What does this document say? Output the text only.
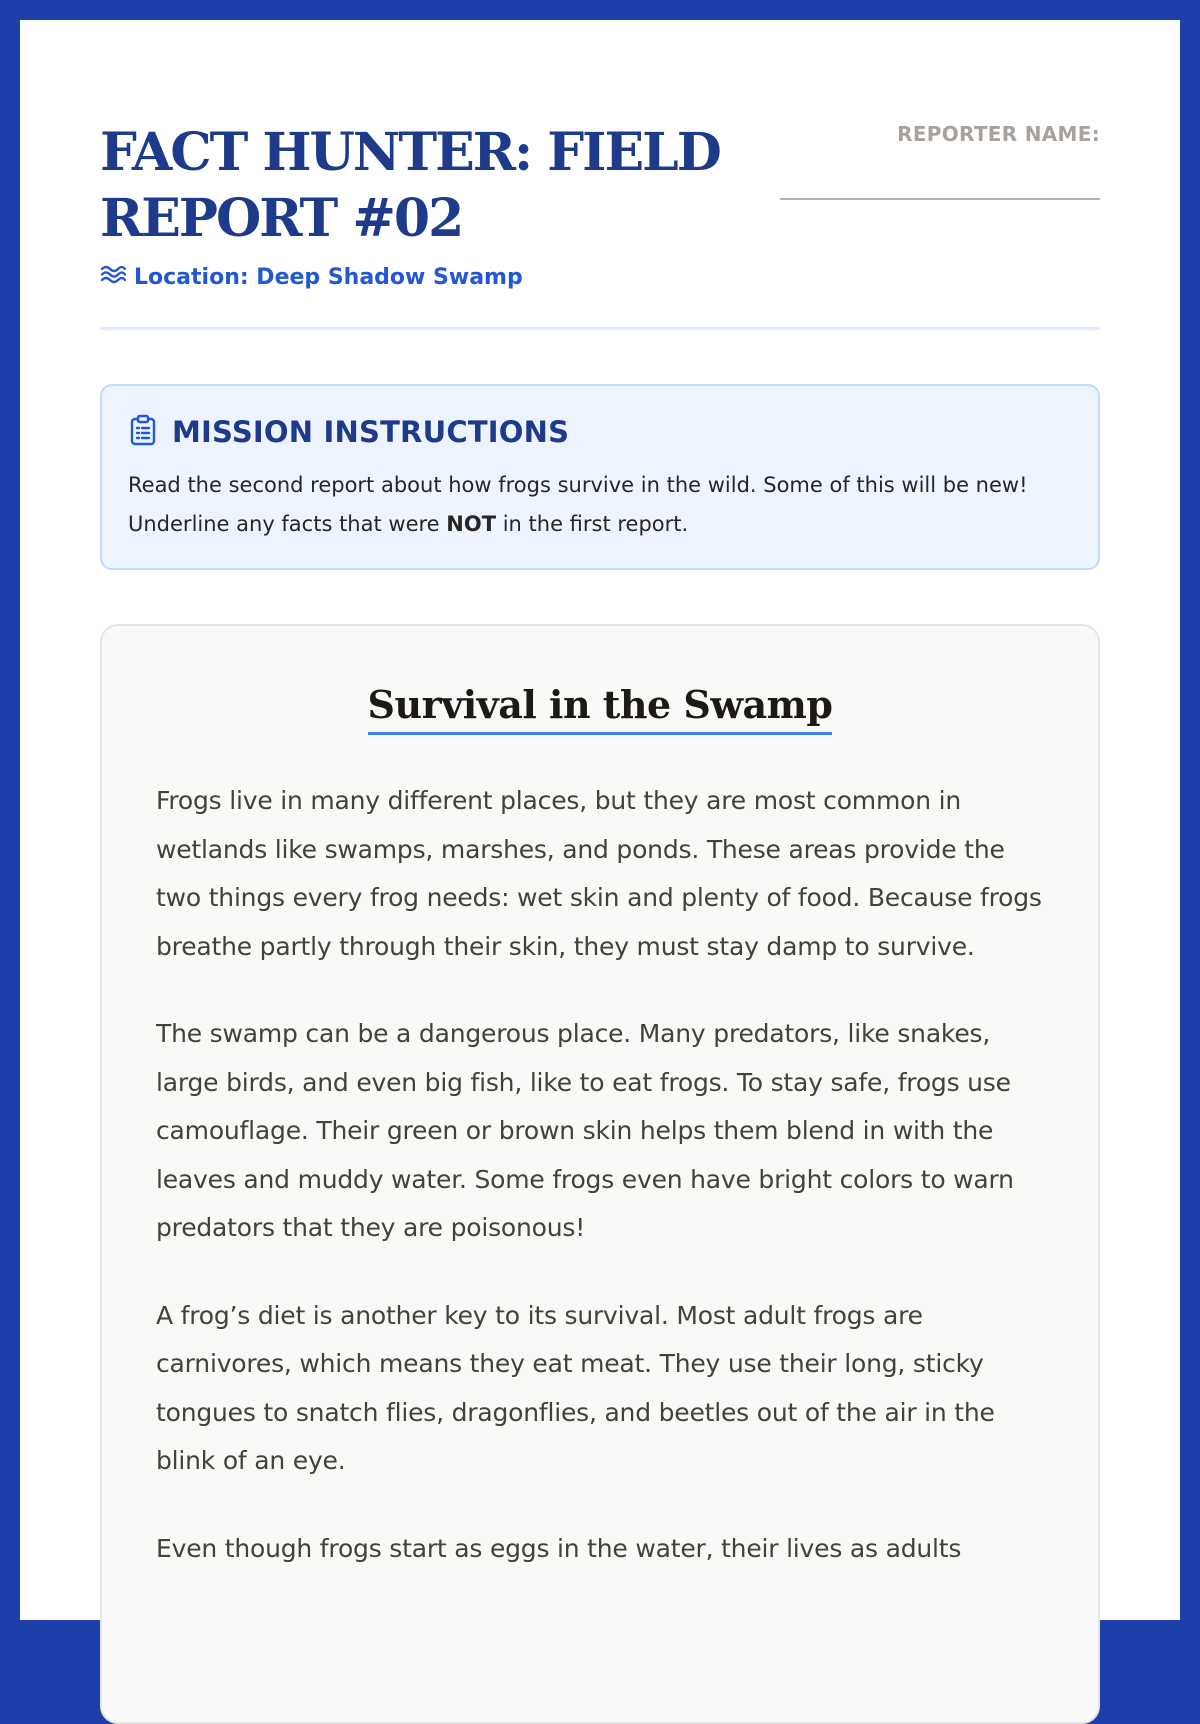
FACT HUNTER: FIELD REPORT #02
Location: Deep Shadow Swamp
REPORTER NAME:
MISSION INSTRUCTIONS

Read the second report about how frogs survive in the wild. Some of this will be new! Underline any facts that were NOT in the first report.

Survival in the Swamp

Frogs live in many different places, but they are most common in wetlands like swamps, marshes, and ponds. These areas provide the two things every frog needs: wet skin and plenty of food. Because frogs breathe partly through their skin, they must stay damp to survive.

The swamp can be a dangerous place. Many predators, like snakes, large birds, and even big fish, like to eat frogs. To stay safe, frogs use camouflage. Their green or brown skin helps them blend in with the leaves and muddy water. Some frogs even have bright colors to warn predators that they are poisonous!

A frog’s diet is another key to its survival. Most adult frogs are carnivores, which means they eat meat. They use their long, sticky tongues to snatch flies, dragonflies, and beetles out of the air in the blink of an eye.

Even though frogs start as eggs in the water, their lives as adults
